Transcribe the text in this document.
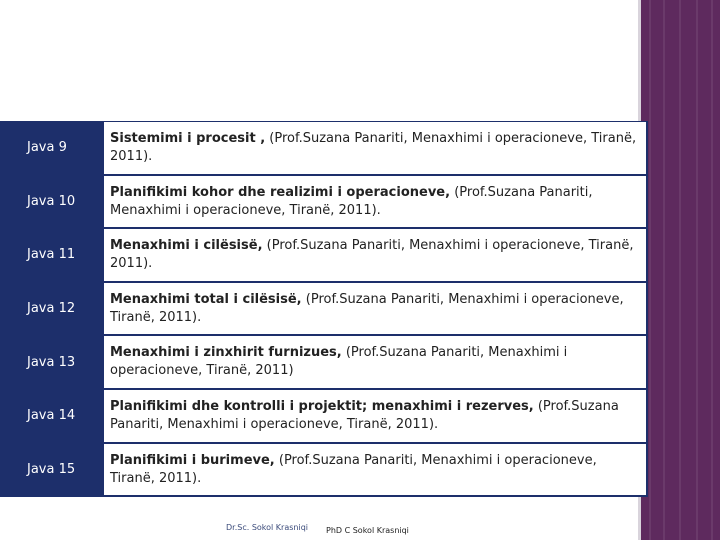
Java 9
Sistemimi i procesit , (Prof.Suzana Panariti, Menaxhimi i operacioneve, Tiranë, 2011).
Java 10
Planifikimi kohor dhe realizimi i operacioneve, (Prof.Suzana Panariti, Menaxhimi i operacioneve, Tiranë, 2011).
Java 11
Menaxhimi i cilësisë, (Prof.Suzana Panariti, Menaxhimi i operacioneve, Tiranë, 2011).
Java 12
Menaxhimi total i cilësisë, (Prof.Suzana Panariti, Menaxhimi i operacioneve, Tiranë, 2011).
Java 13
Menaxhimi i zinxhirit furnizues, (Prof.Suzana Panariti, Menaxhimi i operacioneve, Tiranë, 2011)
Java 14
Planifikimi dhe kontrolli i projektit; menaxhimi i rezerves, (Prof.Suzana Panariti, Menaxhimi i operacioneve, Tiranë, 2011).
Java 15
Planifikimi i burimeve, (Prof.Suzana Panariti, Menaxhimi i operacioneve, Tiranë, 2011).
Dr.Sc. Sokol Krasniqi PhD C Sokol Krasniqi
